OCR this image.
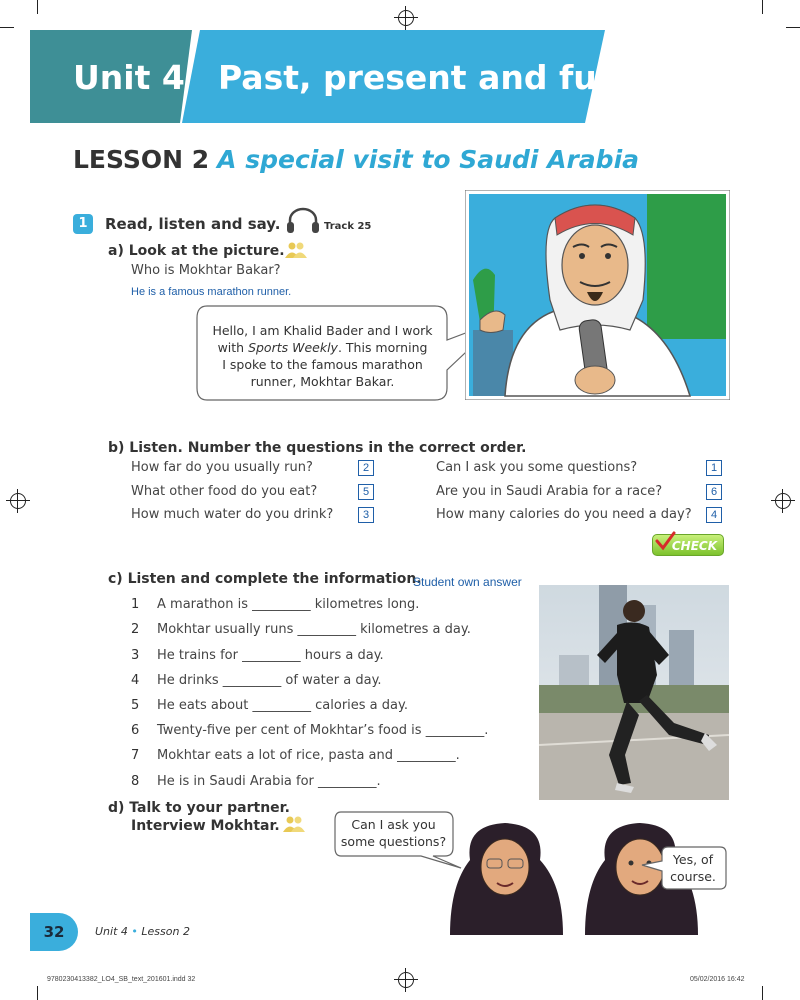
Unit 4 Past, present and future
LESSON 2 A special visit to Saudi Arabia
1	Read, listen and say.	Track 25
a) Look at the picture.
Who is Mokhtar Bakar?
He is a famous marathon runner.
Hello, I am Khalid Bader and I work
with Sports Weekly. This morning
I spoke to the famous marathon
runner, Mokhtar Bakar.
b) Listen. Number the questions in the correct order.
How far do you usually run?	2
What other food do you eat?	5
How much water do you drink?	3
Can I ask you some questions?	1
Are you in Saudi Arabia for a race?	6
How many calories do you need a day?	4
CHECK
c) Listen and complete the information.
Student own answer
1 A marathon is _________ kilometres long.
2 Mokhtar usually runs _________ kilometres a day.
3 He trains for _________ hours a day.
4 He drinks _________ of water a day.
5 He eats about _________ calories a day.
6 Twenty-five per cent of Mokhtar’s food is _________.
7 Mokhtar eats a lot of rice, pasta and _________.
8 He is in Saudi Arabia for _________.
d) Talk to your partner.
Interview Mokhtar.	Can I ask you
some questions?
Yes, of
course.
32	Unit 4 • Lesson 2
9780230413382_LO4_SB_text_201601.indd 32	05/02/2016 16:42
